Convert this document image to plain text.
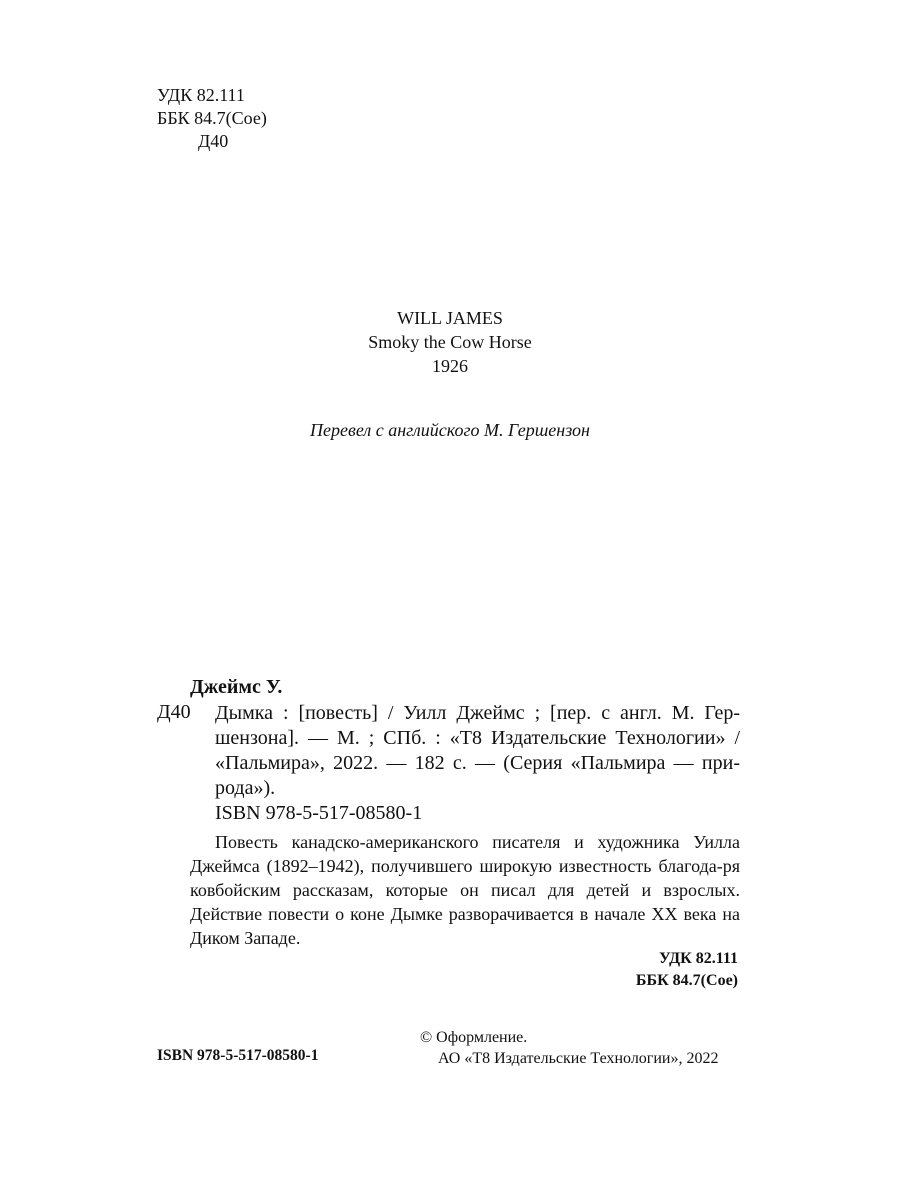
УДК 82.111
ББК 84.7(Сое)
Д40
WILL JAMES
Smoky the Cow Horse
1926
Перевел с английского М. Гершензон
Джеймс У.
Д40 Дымка : [повесть] / Уилл Джеймс ; [пер. с англ. М. Гер-шензона]. — М. ; СПб. : «Т8 Издательские Технологии» / «Пальмира», 2022. — 182 с. — (Серия «Пальмира — при-рода»).
ISBN 978-5-517-08580-1
Повесть канадско-американского писателя и художника Уилла Джеймса (1892–1942), получившего широкую известность благода-ря ковбойским рассказам, которые он писал для детей и взрослых. Действие повести о коне Дымке разворачивается в начале XX века на Диком Западе.
УДК 82.111
ББК 84.7(Сое)
ISBN 978-5-517-08580-1
© Оформление.
АО «Т8 Издательские Технологии», 2022
